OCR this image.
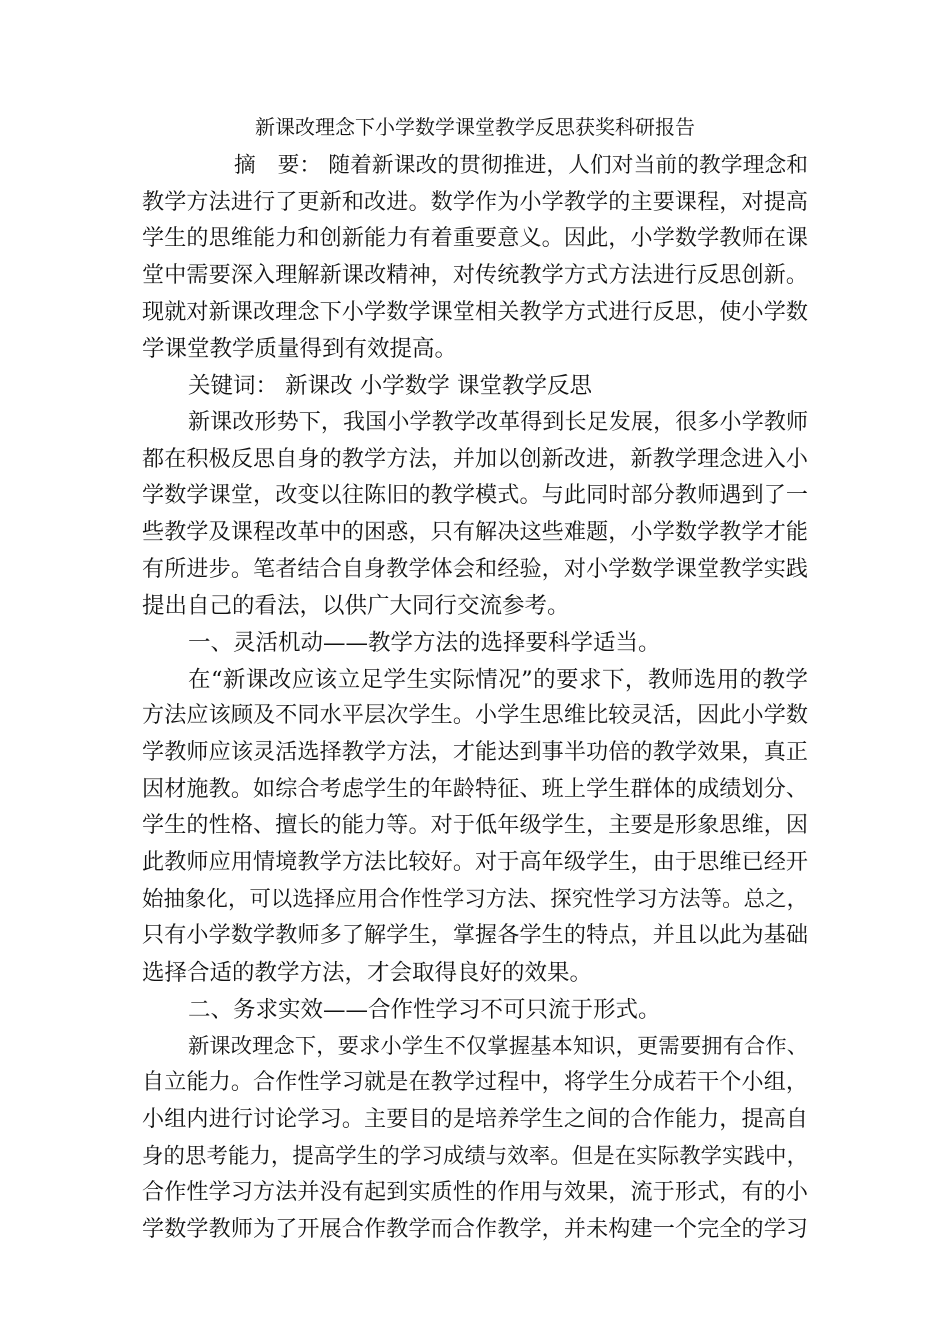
新课改理念下小学数学课堂教学反思获奖科研报告
摘　要： 随着新课改的贯彻推进，人们对当前的教学理念和
教学方法进行了更新和改进。数学作为小学教学的主要课程，对提高
学生的思维能力和创新能力有着重要意义。因此，小学数学教师在课
堂中需要深入理解新课改精神，对传统教学方式方法进行反思创新。
现就对新课改理念下小学数学课堂相关教学方式进行反思，使小学数
学课堂教学质量得到有效提高。
关键词： 新课改 小学数学 课堂教学反思
新课改形势下，我国小学教学改革得到长足发展，很多小学教师
都在积极反思自身的教学方法，并加以创新改进，新教学理念进入小
学数学课堂，改变以往陈旧的教学模式。与此同时部分教师遇到了一
些教学及课程改革中的困惑，只有解决这些难题，小学数学教学才能
有所进步。笔者结合自身教学体会和经验，对小学数学课堂教学实践
提出自己的看法，以供广大同行交流参考。
一、灵活机动——教学方法的选择要科学适当。
在“新课改应该立足学生实际情况”的要求下，教师选用的教学
方法应该顾及不同水平层次学生。小学生思维比较灵活，因此小学数
学教师应该灵活选择教学方法，才能达到事半功倍的教学效果，真正
因材施教。如综合考虑学生的年龄特征、班上学生群体的成绩划分、
学生的性格、擅长的能力等。对于低年级学生，主要是形象思维，因
此教师应用情境教学方法比较好。对于高年级学生，由于思维已经开
始抽象化，可以选择应用合作性学习方法、探究性学习方法等。总之，
只有小学数学教师多了解学生，掌握各学生的特点，并且以此为基础
选择合适的教学方法，才会取得良好的效果。
二、务求实效——合作性学习不可只流于形式。
新课改理念下，要求小学生不仅掌握基本知识，更需要拥有合作、
自立能力。合作性学习就是在教学过程中，将学生分成若干个小组，
小组内进行讨论学习。主要目的是培养学生之间的合作能力，提高自
身的思考能力，提高学生的学习成绩与效率。但是在实际教学实践中，
合作性学习方法并没有起到实质性的作用与效果，流于形式，有的小
学数学教师为了开展合作教学而合作教学，并未构建一个完全的学习
